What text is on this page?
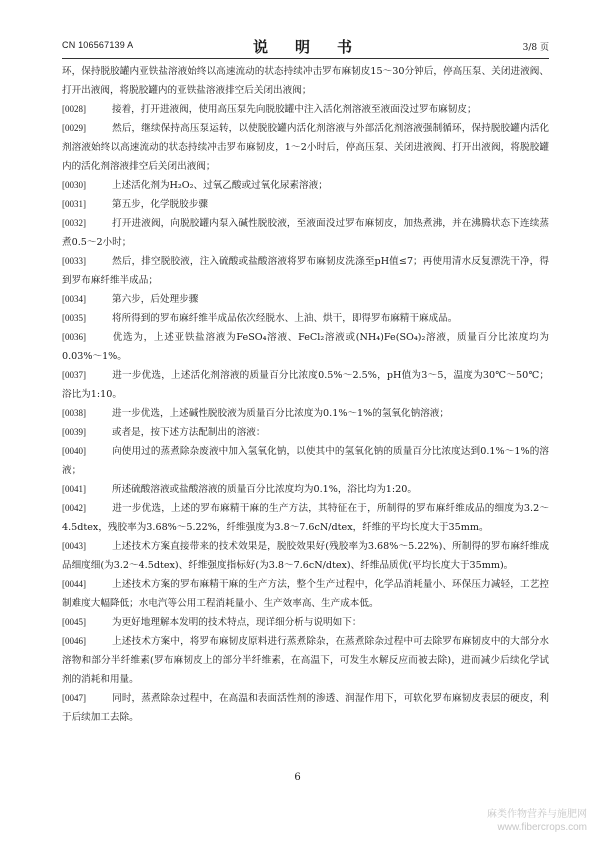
CN 106567139 A	说　明　书	3/8 页

环，保持脱胶罐内亚铁盐溶液始终以高速流动的状态持续冲击罗布麻韧皮15～30分钟后，停高压泵、关闭进液阀、打开出液阀，将脱胶罐内的亚铁盐溶液排空后关闭出液阀；

[0028]	接着，打开进液阀，使用高压泵先向脱胶罐中注入活化剂溶液至液面没过罗布麻韧皮；

[0029]	然后，继续保持高压泵运转，以使脱胶罐内活化剂溶液与外部活化剂溶液强制循环，保持脱胶罐内活化剂溶液始终以高速流动的状态持续冲击罗布麻韧皮，1～2小时后，停高压泵、关闭进液阀、打开出液阀，将脱胶罐内的活化剂溶液排空后关闭出液阀；

[0030]	上述活化剂为H₂O₂、过氧乙酸或过氧化尿素溶液；

[0031]	第五步，化学脱胶步骤

[0032]	打开进液阀，向脱胶罐内泵入碱性脱胶液，至液面没过罗布麻韧皮，加热煮沸，并在沸腾状态下连续蒸煮0.5～2小时；

[0033]	然后，排空脱胶液，注入硫酸或盐酸溶液将罗布麻韧皮洗涤至pH值≤7；再使用清水反复漂洗干净，得到罗布麻纤维半成品；

[0034]	第六步，后处理步骤

[0035]	将所得到的罗布麻纤维半成品依次经脱水、上油、烘干，即得罗布麻精干麻成品。

[0036]	优选为，上述亚铁盐溶液为FeSO₄溶液、FeCl₂溶液或(NH₄)Fe(SO₄)₂溶液，质量百分比浓度均为0.03%～1%。

[0037]	进一步优选，上述活化剂溶液的质量百分比浓度0.5%～2.5%，pH值为3～5，温度为30℃～50℃；浴比为1:10。

[0038]	进一步优选，上述碱性脱胶液为质量百分比浓度为0.1%～1%的氢氧化钠溶液；

[0039]	或者是，按下述方法配制出的溶液：

[0040]	向使用过的蒸煮除杂废液中加入氢氧化钠，以使其中的氢氧化钠的质量百分比浓度达到0.1%～1%的溶液；

[0041]	所述硫酸溶液或盐酸溶液的质量百分比浓度均为0.1%，浴比均为1:20。

[0042]	进一步优选，上述的罗布麻精干麻的生产方法，其特征在于，所制得的罗布麻纤维成品的细度为3.2～4.5dtex，残胶率为3.68%～5.22%，纤维强度为3.8～7.6cN/dtex，纤维的平均长度大于35mm。

[0043]	上述技术方案直接带来的技术效果是，脱胶效果好(残胶率为3.68%～5.22%)、所制得的罗布麻纤维成品细度细(为3.2～4.5dtex)、纤维强度指标好(为3.8～7.6cN/dtex)、纤维品质优(平均长度大于35mm)。

[0044]	上述技术方案的罗布麻精干麻的生产方法，整个生产过程中，化学品消耗量小、环保压力减轻，工艺控制难度大幅降低；水电汽等公用工程消耗量小、生产效率高、生产成本低。

[0045]	为更好地理解本发明的技术特点，现详细分析与说明如下：

[0046]	上述技术方案中，将罗布麻韧皮原料进行蒸煮除杂，在蒸煮除杂过程中可去除罗布麻韧皮中的大部分水溶物和部分半纤维素(罗布麻韧皮上的部分半纤维素，在高温下，可发生水解反应而被去除)，进而减少后续化学试剂的消耗和用量。

[0047]	同时，蒸煮除杂过程中，在高温和表面活性剂的渗透、润湿作用下，可软化罗布麻韧皮表层的硬皮，利于后续加工去除。

6
麻类作物营养与施肥网
www.fibercrops.com
